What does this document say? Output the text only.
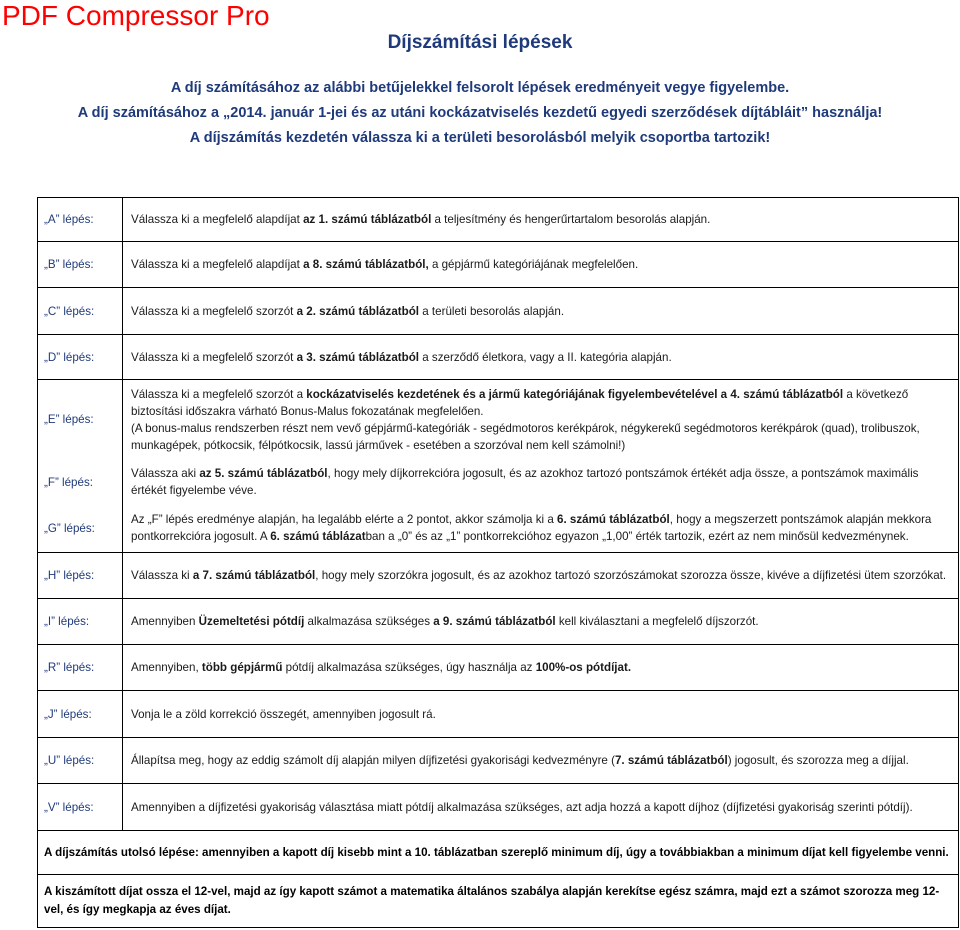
PDF Compressor Pro
Díjszámítási lépések
A díj számításához az alábbi betűjelekkel felsorolt lépések eredményeit vegye figyelembe.
A díj számításához a „2014. január 1-jei és az utáni kockázatviselés kezdetű egyedi szerződések díjtábláit” használja!
A díjszámítás kezdetén válassza ki a területi besorolásból melyik csoportba tartozik!
„A” lépés:	Válassza ki a megfelelő alapdíjat az 1. számú táblázatból a teljesítmény és hengerűrtartalom besorolás alapján.
„B” lépés:	Válassza ki a megfelelő alapdíjat a 8. számú táblázatból, a gépjármű kategóriájának megfelelően.
„C” lépés:	Válassza ki a megfelelő szorzót a 2. számú táblázatból a területi besorolás alapján.
„D” lépés:	Válassza ki a megfelelő szorzót a 3. számú táblázatból a szerződő életkora, vagy a II. kategória alapján.
„E” lépés:	Válassza ki a megfelelő szorzót a kockázatviselés kezdetének és a jármű kategóriájának figyelembevételével a 4. számú táblázatból a következő biztosítási időszakra várható Bonus-Malus fokozatának megfelelően.
(A bonus-malus rendszerben részt nem vevő gépjármű-kategóriák - segédmotoros kerékpárok, négykerekű segédmotoros kerékpárok (quad), trolibuszok, munkagépek, pótkocsik, félpótkocsik, lassú járművek - esetében a szorzóval nem kell számolni!)
„F” lépés:	Válassza aki az 5. számú táblázatból, hogy mely díjkorrekcióra jogosult, és az azokhoz tartozó pontszámok értékét adja össze, a pontszámok maximális értékét figyelembe véve.
„G” lépés:	Az „F” lépés eredménye alapján, ha legalább elérte a 2 pontot, akkor számolja ki a 6. számú táblázatból, hogy a megszerzett pontszámok alapján mekkora pontkorrekcióra jogosult. A 6. számú táblázatban a „0” és az „1” pontkorrekcióhoz egyazon „1,00” érték tartozik, ezért az nem minősül kedvezménynek.
„H” lépés:	Válassza ki a 7. számú táblázatból, hogy mely szorzókra jogosult, és az azokhoz tartozó szorzószámokat szorozza össze, kivéve a díjfizetési ütem szorzókat.
„I” lépés:	Amennyiben Üzemeltetési pótdíj alkalmazása szükséges a 9. számú táblázatból kell kiválasztani a megfelelő díjszorzót.
„R” lépés:	Amennyiben, több gépjármű pótdíj alkalmazása szükséges, úgy használja az 100%-os pótdíjat.
„J” lépés:	Vonja le a zöld korrekció összegét, amennyiben jogosult rá.
„U” lépés:	Állapítsa meg, hogy az eddig számolt díj alapján milyen díjfizetési gyakorisági kedvezményre (7. számú táblázatból) jogosult, és szorozza meg a díjjal.
„V” lépés:	Amennyiben a díjfizetési gyakoriság választása miatt pótdíj alkalmazása szükséges, azt adja hozzá a kapott díjhoz (díjfizetési gyakoriság szerinti pótdíj).
A díjszámítás utolsó lépése: amennyiben a kapott díj kisebb mint a 10. táblázatban szereplő minimum díj, úgy a továbbiakban a minimum díjat kell figyelembe venni.	
A kiszámított díjat ossza el 12-vel, majd az így kapott számot a matematika általános szabálya alapján kerekítse egész számra, majd ezt a számot szorozza meg 12-vel, és így megkapja az éves díjat.	
